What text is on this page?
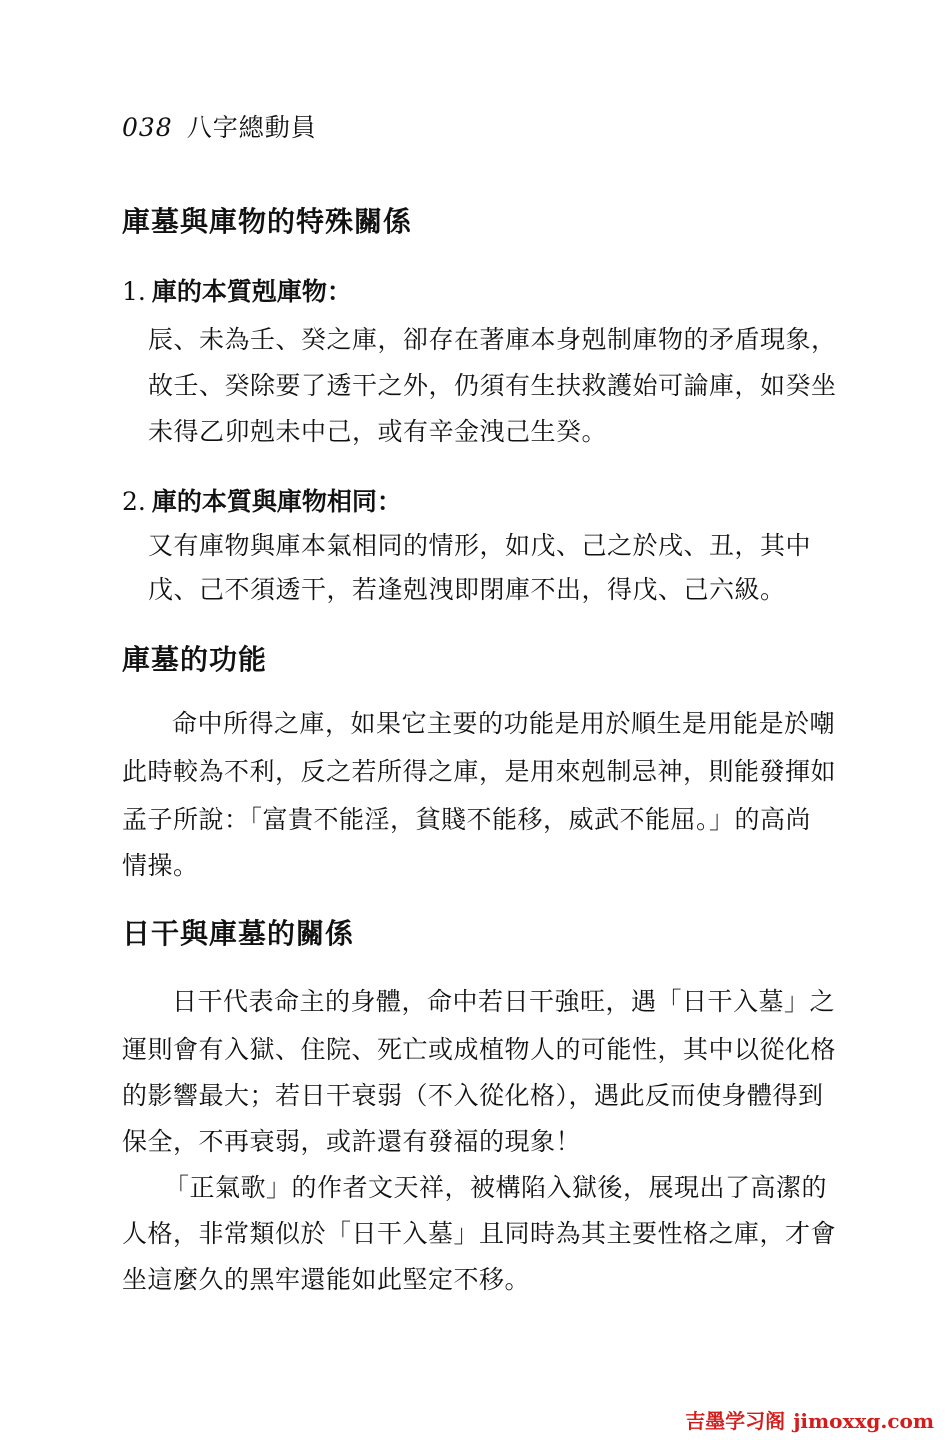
038 八字總動員
庫墓與庫物的特殊關係
1. 庫的本質剋庫物：
辰、未為壬、癸之庫，卻存在著庫本身剋制庫物的矛盾現象，
故壬、癸除要了透干之外，仍須有生扶救護始可論庫，如癸坐
未得乙卯剋未中己，或有辛金洩己生癸。
2. 庫的本質與庫物相同：
又有庫物與庫本氣相同的情形，如戊、己之於戌、丑，其中
戊、己不須透干，若逢剋洩即閉庫不出，得戊、己六級。
庫墓的功能
命中所得之庫，如果它主要的功能是用於順生是用能是於嘲
此時較為不利，反之若所得之庫，是用來剋制忌神，則能發揮如
孟子所說：「富貴不能淫，貧賤不能移，威武不能屈。」的高尚
情操。
日干與庫墓的關係
日干代表命主的身體，命中若日干強旺，遇「日干入墓」之
運則會有入獄、住院、死亡或成植物人的可能性，其中以從化格
的影響最大；若日干衰弱（不入從化格），遇此反而使身體得到
保全，不再衰弱，或許還有發福的現象！
「正氣歌」的作者文天祥，被構陷入獄後，展現出了高潔的
人格，非常類似於「日干入墓」且同時為其主要性格之庫，才會
坐這麼久的黑牢還能如此堅定不移。
吉墨学习阁 jimoxxg.com
